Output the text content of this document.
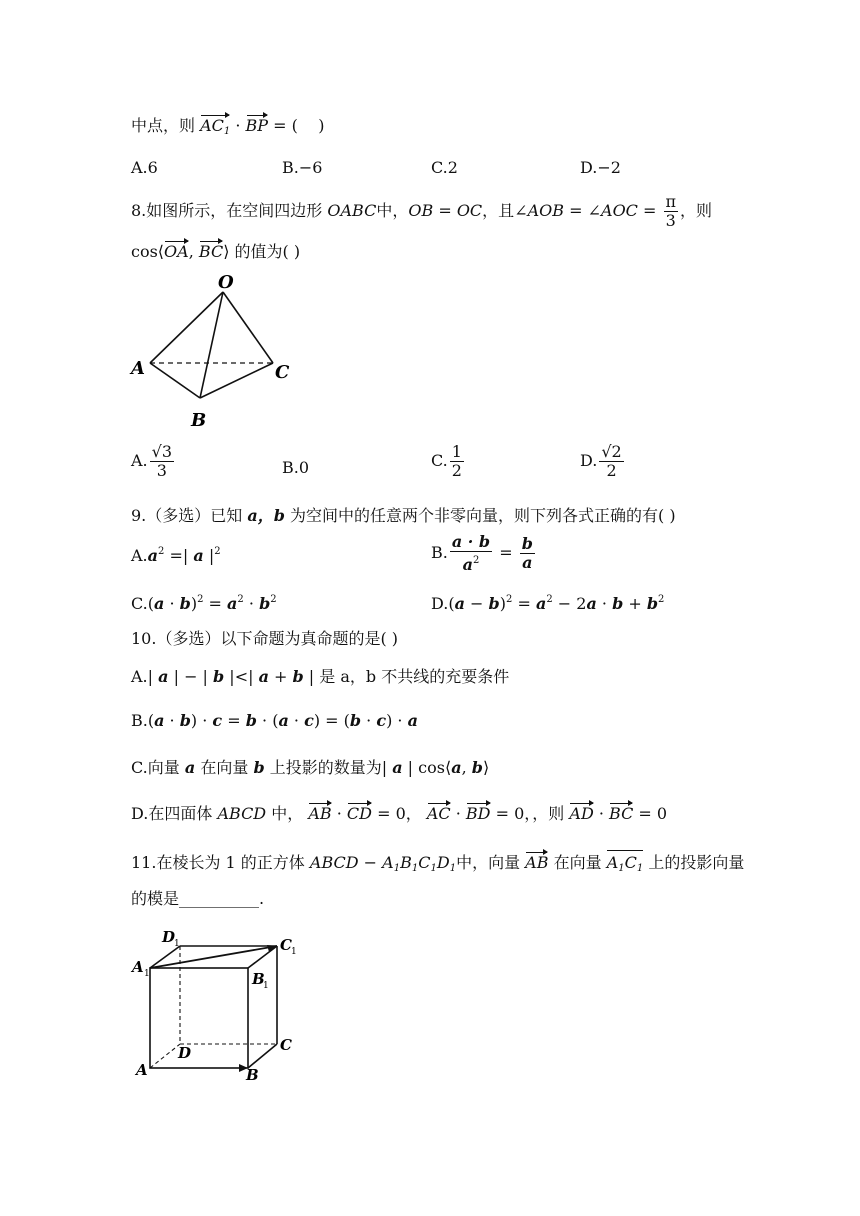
中点，则 $AC_1$ · BP = (    )
A.6	B.−6	C.2	D.−2
8.如图所示，在空间四边形 OABC中，OB = OC，且∠AOB = ∠AOC = $\frac{\pi}{3}$ ，则
cos⟨OA, BC⟩ 的值为( )
O
A
B
C
A. $\frac{√3}{3}$	B.0	C. $\frac{1}{2}$	D. $\frac{√2}{2}$
9.（多选）已知 a，b 为空间中的任意两个非零向量，则下列各式正确的有( )
$A.a^2$ =| a $|^2$	B. $\frac{a \cdot b}{a^2} = \frac{b}{a}$
$C.(a \cdot b)^2 = a^2 \cdot b^2$	$D.(a - b)^2 = a^2 - 2a \cdot b + b^2$
10.（多选）以下命题为真命题的是( )
A.| a | − | b |<| a + b | 是 a，b 不共线的充要条件
B.(a · b) · c = b · (a · c) = (b · c) · a
C.向量 a 在向量 b 上投影的数量为| a | cos⟨a, b⟩
D.在四面体 ABCD 中， AB · CD = 0， AC · BD = 0，，则 AD · BC = 0
11.在棱长为 1 的正方体 ABCD − $A_1B_1C_1D_1$中，向量 AB 在向量 $A_1C_1$ 上的投影向量
的模是__________.
A	B
C
D
A 1	B
1
C 1
D
1
